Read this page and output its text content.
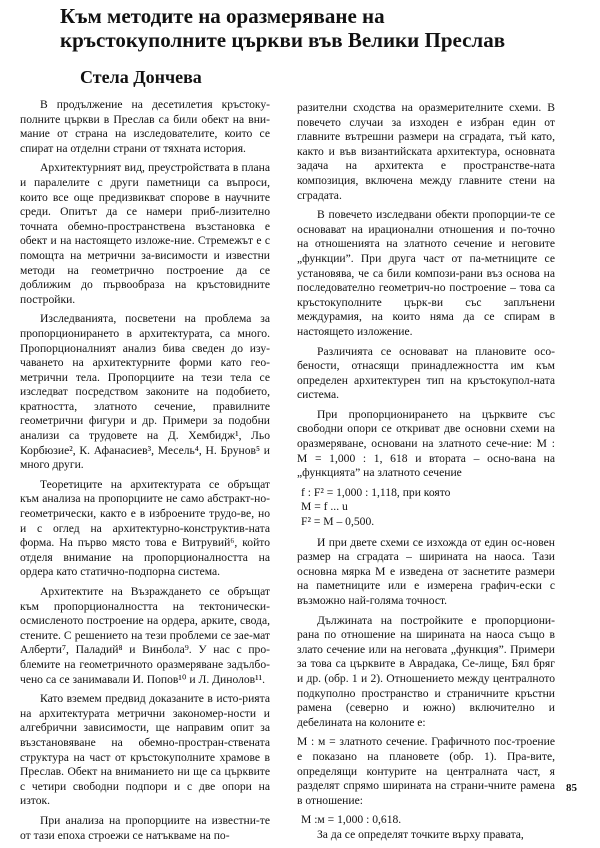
Към методите на оразмеряване на
кръстокуполните църкви във Велики Преслав
Стела Дончева

В продължение на десетилетия кръстоку-полните църкви в Преслав са били обект на вни-мание от страна на изследователите, които се спират на отделни страни от тяхната история.

Архитектурният вид, преустройствата в плана и паралелите с други паметници са въпроси, които все още предизвикват спорове в научните среди. Опитът да се намери приб-лизително точната обемно-пространствена възстановка е обект и на настоящето изложе-ние. Стремежът е с помощта на метрични за-висимости и известни методи на геометрично построение да се доближим до първообраза на кръстовидните постройки.

Изследванията, посветени на проблема за пропорционирането в архитектурата, са много. Пропорционалният анализ бива сведен до изу-чаването на архитектурните форми като гео-метрични тела. Пропорциите на тези тела се изследват посредством законите на подобието, кратността, златното сечение, правилните геометрични фигури и др. Примери за подобни анализи са трудовете на Д. Хембидж¹, Льо Корбюзие², К. Афанасиев³, Месель⁴, Н. Брунов⁵ и много други.

Теоретиците на архитектурата се обръщат към анализа на пропорциите не само абстракт-но-геометрически, както е в изброените трудо-ве, но и с оглед на архитектурно-конструктив-ната форма. На първо място това е Витрувий⁶, който отделя внимание на пропорционалността на ордера като статично-подпорна система.

Архитектите на Възраждането се обръщат към пропорционалността на тектонически-осмисленото построение на ордера, арките, свода, стените. С решението на тези проблеми се зае-мат Алберти⁷, Паладий⁸ и Винбола⁹. У нас с про-блемите на геометричното оразмеряване задълбо-чено са се занимавали И. Попов¹⁰ и Л. Динолов¹¹.

Като вземем предвид доказаните в исто-рията на архитектурата метрични закономер-ности и алгебрични зависимости, ще направим опит за възстановяване на обемно-простран-ствената структура на част от кръстокуполните храмове в Преслав. Обект на вниманието ни ще са църквите с четири свободни подпори и с две опори на изток.

При анализа на пропорциите на известни-те от тази епоха строежи се натъкваме на по-

разителни сходства на оразмерителните схеми. В повечето случаи за изходен е избран един от главните вътрешни размери на сградата, тъй като, както и във византийската архитектура, основната задача на архитекта е пространстве-ната композиция, включена между главните стени на сградата.

В повечето изследвани обекти пропорции-те се основават на ирационални отношения и по-точно на отношенията на златното сечение и неговите „функции”. При друга част от па-метниците се установява, че са били компози-рани въз основа на последователно геометрич-но построение – това са кръстокуполните църк-ви със заплънени междурамия, на които няма да се спирам в настоящето изложение.

Различията се основават на плановите осо-бености, отнасящи принадлежността им към определен архитектурен тип на кръстокупол-ната система.

При пропорционирането на църквите със свободни опори се откриват две основни схеми на оразмеряване, основани на златното сече-ние: М : М = 1,000 : 1, 618 и втората – осно-вана на „функцията” на златното сечение

f : F² = 1,000 : 1,118, при която

M = f ... u

F² = M – 0,500.

И при двете схеми се изхожда от един ос-новен размер на сградата – ширината на наоса. Тази основна мярка М е изведена от заснетите размери на паметниците или е измерена графич-ески с възможно най-голяма точност.

Дължината на постройките е пропорциони-рана по отношение на ширината на наоса също в злато сечение или на неговата „функция”. Примери за това са църквите в Аврадака, Се-лище, Бял бряг и др. (обр. 1 и 2). Отношението между централното подкуполно пространство и страничните кръстни рамена (северно и южно) включително и дебелината на колоните е:

М : м = златното сечение. Графичното пос-троение е показано на плановете (обр. 1). Пра-вите, определящи контурите на централната част, я разделят спрямо ширината на страни-чните рамена в отношение:

М :м = 1,000 : 0,618.

За да се определят точките върху правата,

85
